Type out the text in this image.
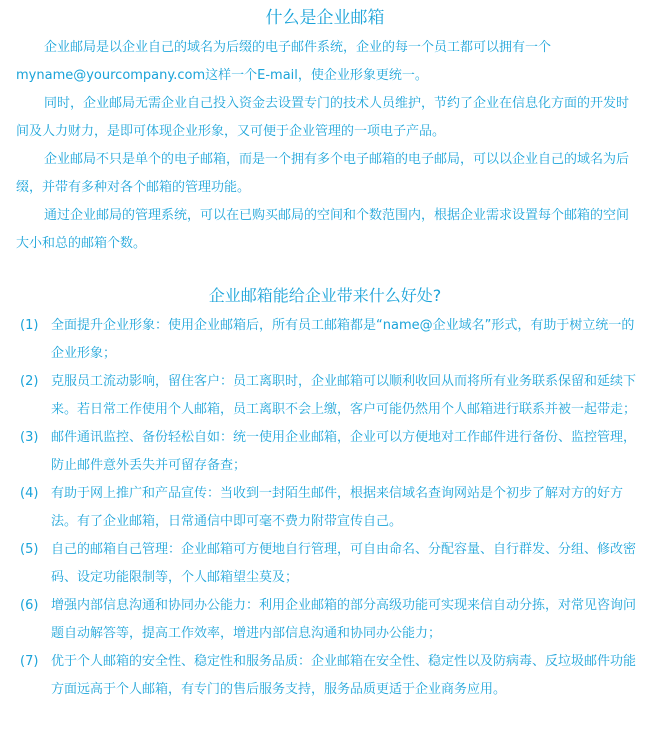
什么是企业邮箱
企业邮局是以企业自己的域名为后缀的电子邮件系统，企业的每一个员工都可以拥有一个myname@yourcompany.com这样一个E-mail，使企业形象更统一。
同时，企业邮局无需企业自己投入资金去设置专门的技术人员维护，节约了企业在信息化方面的开发时间及人力财力，是即可体现企业形象，又可便于企业管理的一项电子产品。
企业邮局不只是单个的电子邮箱，而是一个拥有多个电子邮箱的电子邮局，可以以企业自己的域名为后缀，并带有多种对各个邮箱的管理功能。
通过企业邮局的管理系统，可以在已购买邮局的空间和个数范围内，根据企业需求设置每个邮箱的空间大小和总的邮箱个数。
企业邮箱能给企业带来什么好处?
(1) 全面提升企业形象：使用企业邮箱后，所有员工邮箱都是“name@企业域名”形式，有助于树立统一的企业形象；
(2) 克服员工流动影响，留住客户：员工离职时，企业邮箱可以顺利收回从而将所有业务联系保留和延续下来。若日常工作使用个人邮箱，员工离职不会上缴，客户可能仍然用个人邮箱进行联系并被一起带走；
(3) 邮件通讯监控、备份轻松自如：统一使用企业邮箱，企业可以方便地对工作邮件进行备份、监控管理，防止邮件意外丢失并可留存备查；
(4) 有助于网上推广和产品宣传：当收到一封陌生邮件，根据来信域名查询网站是个初步了解对方的好方法。有了企业邮箱，日常通信中即可毫不费力附带宣传自己。
(5) 自己的邮箱自己管理：企业邮箱可方便地自行管理，可自由命名、分配容量、自行群发、分组、修改密码、设定功能限制等，个人邮箱望尘莫及；
(6) 增强内部信息沟通和协同办公能力：利用企业邮箱的部分高级功能可实现来信自动分拣，对常见咨询问题自动解答等，提高工作效率，增进内部信息沟通和协同办公能力；
(7) 优于个人邮箱的安全性、稳定性和服务品质：企业邮箱在安全性、稳定性以及防病毒、反垃圾邮件功能方面远高于个人邮箱，有专门的售后服务支持，服务品质更适于企业商务应用。
